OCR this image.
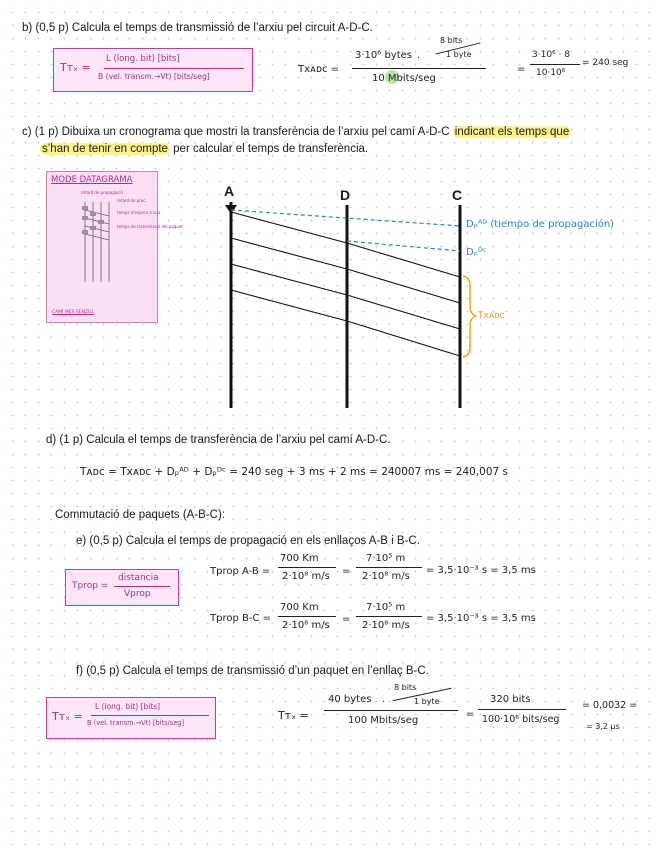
b) (0,5 p) Calcula el temps de transmissió de l’arxiu pel circuit A-D-C.
Tᴛₓ =
L (long. bit) [bits]
B (vel. transm.→Vt) [bits/seg]
Txᴀᴅᴄ =
3·10⁶ bytes ·
8 bits
1 byte
10 Mbits/seg
=
3·10⁶ · 8
10·10⁶
= 240 seg
c) (1 p) Dibuixa un cronograma que mostri la transferència de l’arxiu pel camí A-D-C indicant els temps que
s’han de tenir en compte per calcular el temps de transferència.
MODE DATAGRAMA
retard de propagació
retard de proc.
temps d'espera a cua
temps de transmissió del paquet
CAMÍ MÉS SENZILL
A	D	C
Dₚᴬᴰ (tiempo de propagación)
Dₚᴰᶜ
Txᴀᴅᴄ
d) (1 p) Calcula el temps de transferència de l’arxiu pel camí A-D-C.
Tᴀᴅᴄ = Txᴀᴅᴄ + Dₚᴬᴰ + Dₚᴰᶜ = 240 seg + 3 ms + 2 ms = 240007 ms = 240,007 s
Commutació de paquets (A-B-C):
e) (0,5 p) Calcula el temps de propagació en els enllaços A-B i B-C.
Tprop =
distancia
Vprop
Tprop A-B =
700 Km
2·10⁸ m/s =
7·10⁵ m
2·10⁸ m/s
= 3,5·10⁻³ s = 3,5 ms
Tprop B-C =
700 Km
2·10⁸ m/s
=
7·10⁵ m
2·10⁸ m/s
= 3,5·10⁻³ s = 3,5 ms
f) (0,5 p) Calcula el temps de transmissió d’un paquet en l’enllaç B-C.
Tᴛₓ =
L (long. bit) [bits]
B (vel. transm.→Vt) [bits/seg]
Tᴛₓ =
40 bytes ·
8 bits
1 byte
100 Mbits/seg
=
320 bits
100·10⁶ bits/seg
= 0,0032 =
= 3,2 µs
